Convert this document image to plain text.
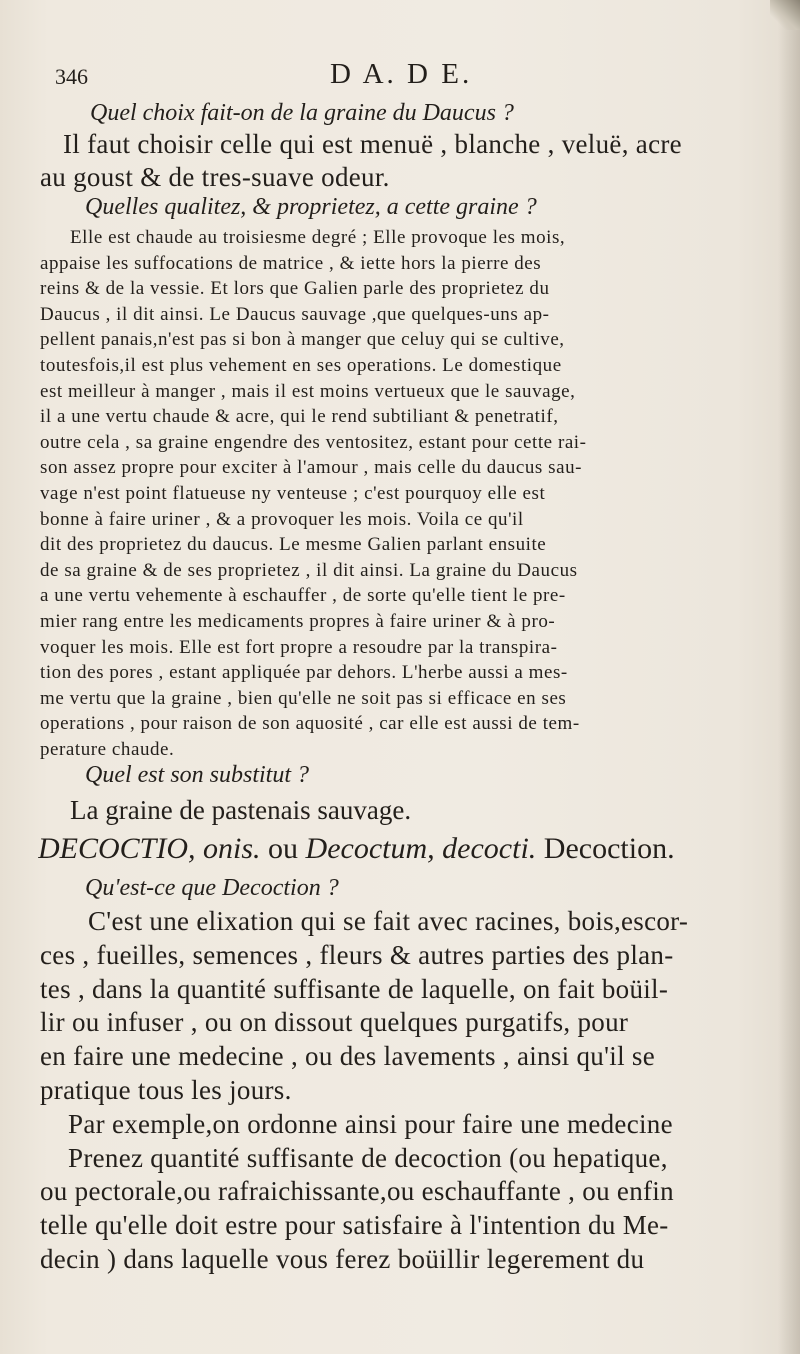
346	D A. D E.
Quel choix fait-on de la graine du Daucus ?
Il faut choisir celle qui est menuë , blanche , veluë, acre
au goust & de tres-suave odeur.
Quelles qualitez, & proprietez, a cette graine ?
Elle est chaude au troisiesme degré ; Elle provoque les mois,
appaise les suffocations de matrice , & iette hors la pierre des
reins & de la vessie. Et lors que Galien parle des proprietez du
Daucus , il dit ainsi. Le Daucus sauvage ,que quelques-uns ap-
pellent panais,n'est pas si bon à manger que celuy qui se cultive,
toutesfois,il est plus vehement en ses operations. Le domestique
est meilleur à manger , mais il est moins vertueux que le sauvage,
il a une vertu chaude & acre, qui le rend subtiliant & penetratif,
outre cela , sa graine engendre des ventositez, estant pour cette rai-
son assez propre pour exciter à l'amour , mais celle du daucus sau-
vage n'est point flatueuse ny venteuse ; c'est pourquoy elle est
bonne à faire uriner , & a provoquer les mois. Voila ce qu'il
dit des proprietez du daucus. Le mesme Galien parlant ensuite
de sa graine & de ses proprietez , il dit ainsi. La graine du Daucus
a une vertu vehemente à eschauffer , de sorte qu'elle tient le pre-
mier rang entre les medicaments propres à faire uriner & à pro-
voquer les mois. Elle est fort propre a resoudre par la transpira-
tion des pores , estant appliquée par dehors. L'herbe aussi a mes-
me vertu que la graine , bien qu'elle ne soit pas si efficace en ses
operations , pour raison de son aquosité , car elle est aussi de tem-
perature chaude.
Quel est son substitut ?
La graine de pastenais sauvage.
DECOCTIO, onis. ou Decoctum, decocti. Decoction.
Qu'est-ce que Decoction ?
C'est une elixation qui se fait avec racines, bois,escor-
ces , fueilles, semences , fleurs & autres parties des plan-
tes , dans la quantité suffisante de laquelle, on fait boüil-
lir ou infuser , ou on dissout quelques purgatifs, pour
en faire une medecine , ou des lavements , ainsi qu'il se
pratique tous les jours.
Par exemple,on ordonne ainsi pour faire une medecine
Prenez quantité suffisante de decoction (ou hepatique,
ou pectorale,ou rafraichissante,ou eschauffante , ou enfin
telle qu'elle doit estre pour satisfaire à l'intention du Me-
decin ) dans laquelle vous ferez boüillir legerement du
